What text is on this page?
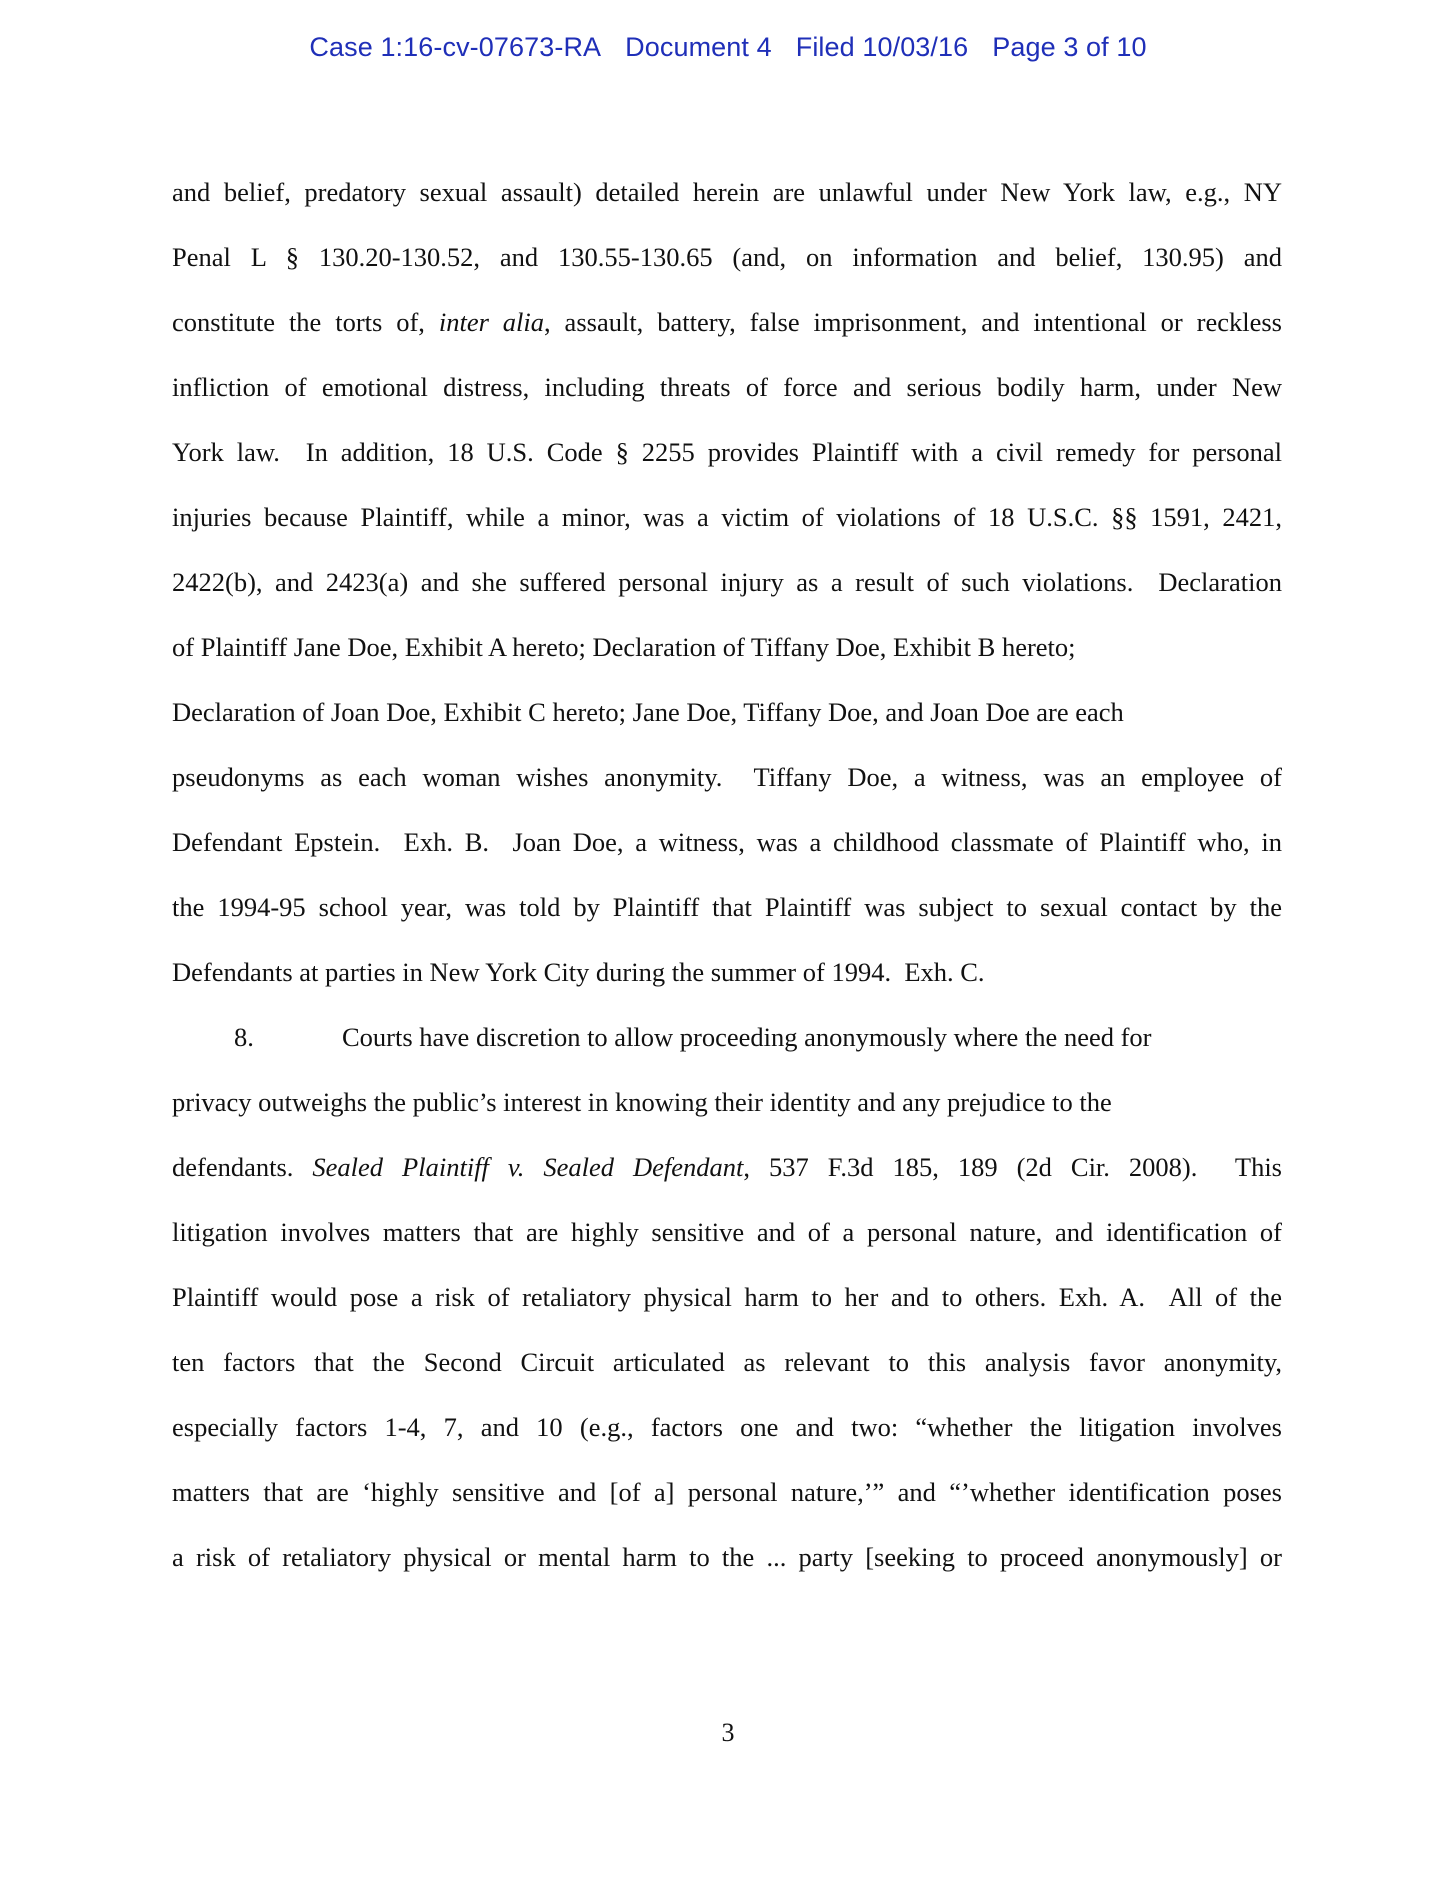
Case 1:16-cv-07673-RA Document 4 Filed 10/03/16 Page 3 of 10
and belief, predatory sexual assault) detailed herein are unlawful under New York law, e.g., NY
Penal L § 130.20-130.52, and 130.55-130.65 (and, on information and belief, 130.95) and
constitute the torts of, inter alia, assault, battery, false imprisonment, and intentional or reckless
infliction of emotional distress, including threats of force and serious bodily harm, under New
York law.  In addition, 18 U.S. Code § 2255 provides Plaintiff with a civil remedy for personal
injuries because Plaintiff, while a minor, was a victim of violations of 18 U.S.C. §§ 1591, 2421,
2422(b), and 2423(a) and she suffered personal injury as a result of such violations.  Declaration
of Plaintiff Jane Doe, Exhibit A hereto; Declaration of Tiffany Doe, Exhibit B hereto;
Declaration of Joan Doe, Exhibit C hereto; Jane Doe, Tiffany Doe, and Joan Doe are each
pseudonyms as each woman wishes anonymity.  Tiffany Doe, a witness, was an employee of
Defendant Epstein.  Exh. B.  Joan Doe, a witness, was a childhood classmate of Plaintiff who, in
the 1994-95 school year, was told by Plaintiff that Plaintiff was subject to sexual contact by the
Defendants at parties in New York City during the summer of 1994.  Exh. C.
8.	Courts have discretion to allow proceeding anonymously where the need for
privacy outweighs the public’s interest in knowing their identity and any prejudice to the
defendants. Sealed Plaintiff v. Sealed Defendant, 537 F.3d 185, 189 (2d Cir. 2008).  This
litigation involves matters that are highly sensitive and of a personal nature, and identification of
Plaintiff would pose a risk of retaliatory physical harm to her and to others. Exh. A.  All of the
ten factors that the Second Circuit articulated as relevant to this analysis favor anonymity,
especially factors 1-4, 7, and 10 (e.g., factors one and two: “whether the litigation involves
matters that are ‘highly sensitive and [of a] personal nature,’” and “’whether identification poses
a risk of retaliatory physical or mental harm to the ... party [seeking to proceed anonymously] or
3
